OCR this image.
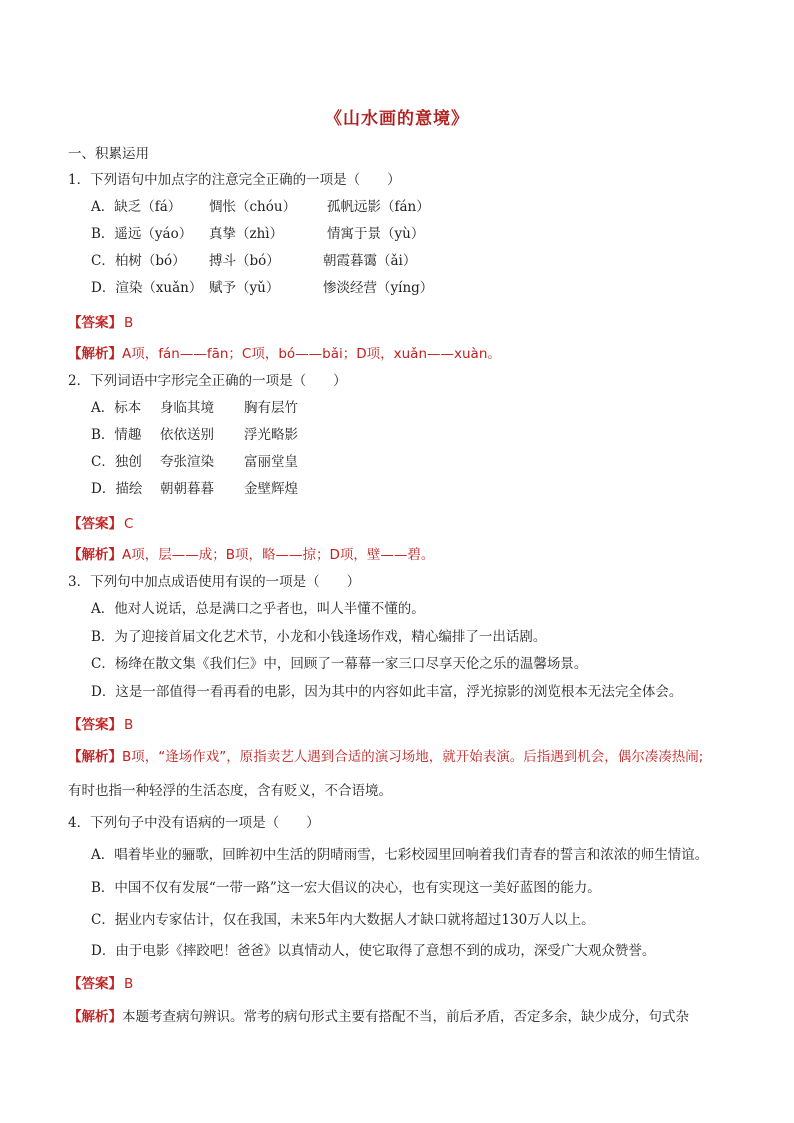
《山水画的意境》
一、积累运用
1．下列语句中加点字的注意完全正确的一项是（　　）
A．缺乏（fá） 惆怅（chóu） 孤帆远影（fán）
B．遥远（yáo） 真挚（zhì）	情寓于景（yù）
C．柏树（bó） 搏斗（bó）	朝霞暮霭（ǎi）
D．渲染（xuǎn） 赋予（yǔ）	惨淡经营（yíng）
【答案】 B
【解析】A项，fán——fān；C项，bó——bǎi；D项，xuǎn——xuàn。
2．下列词语中字形完全正确的一项是（　　）
A．标本 身临其境 胸有层竹
B．情趣 依依送别 浮光略影
C．独创 夸张渲染 富丽堂皇
D．描绘 朝朝暮暮 金壁辉煌
【答案】 C
【解析】A项，层——成；B项，略——掠；D项，壁——碧。
3．下列句中加点成语使用有误的一项是（　　）
A．他对人说话，总是满口之乎者也，叫人半懂不懂的。
B．为了迎接首届文化艺术节，小龙和小钱逢场作戏，精心编排了一出话剧。
C．杨绛在散文集《我们仨》中，回顾了一幕幕一家三口尽享天伦之乐的温馨场景。
D．这是一部值得一看再看的电影，因为其中的内容如此丰富，浮光掠影的浏览根本无法完全体会。
【答案】 B
【解析】B项，“逢场作戏”，原指卖艺人遇到合适的演习场地，就开始表演。后指遇到机会，偶尔凑凑热闹;
有时也指一种轻浮的生活态度，含有贬义，不合语境。
4．下列句子中没有语病的一项是（　　）
A．唱着毕业的骊歌，回眸初中生活的阴晴雨雪，七彩校园里回响着我们青春的誓言和浓浓的师生情谊。
B．中国不仅有发展“一带一路”这一宏大倡议的决心，也有实现这一美好蓝图的能力。
C．据业内专家估计，仅在我国，未来5年内大数据人才缺口就将超过130万人以上。
D．由于电影《摔跤吧！爸爸》以真情动人，使它取得了意想不到的成功，深受广大观众赞誉。
【答案】 B
【解析】本题考查病句辨识。常考的病句形式主要有搭配不当，前后矛盾，否定多余，缺少成分，句式杂
